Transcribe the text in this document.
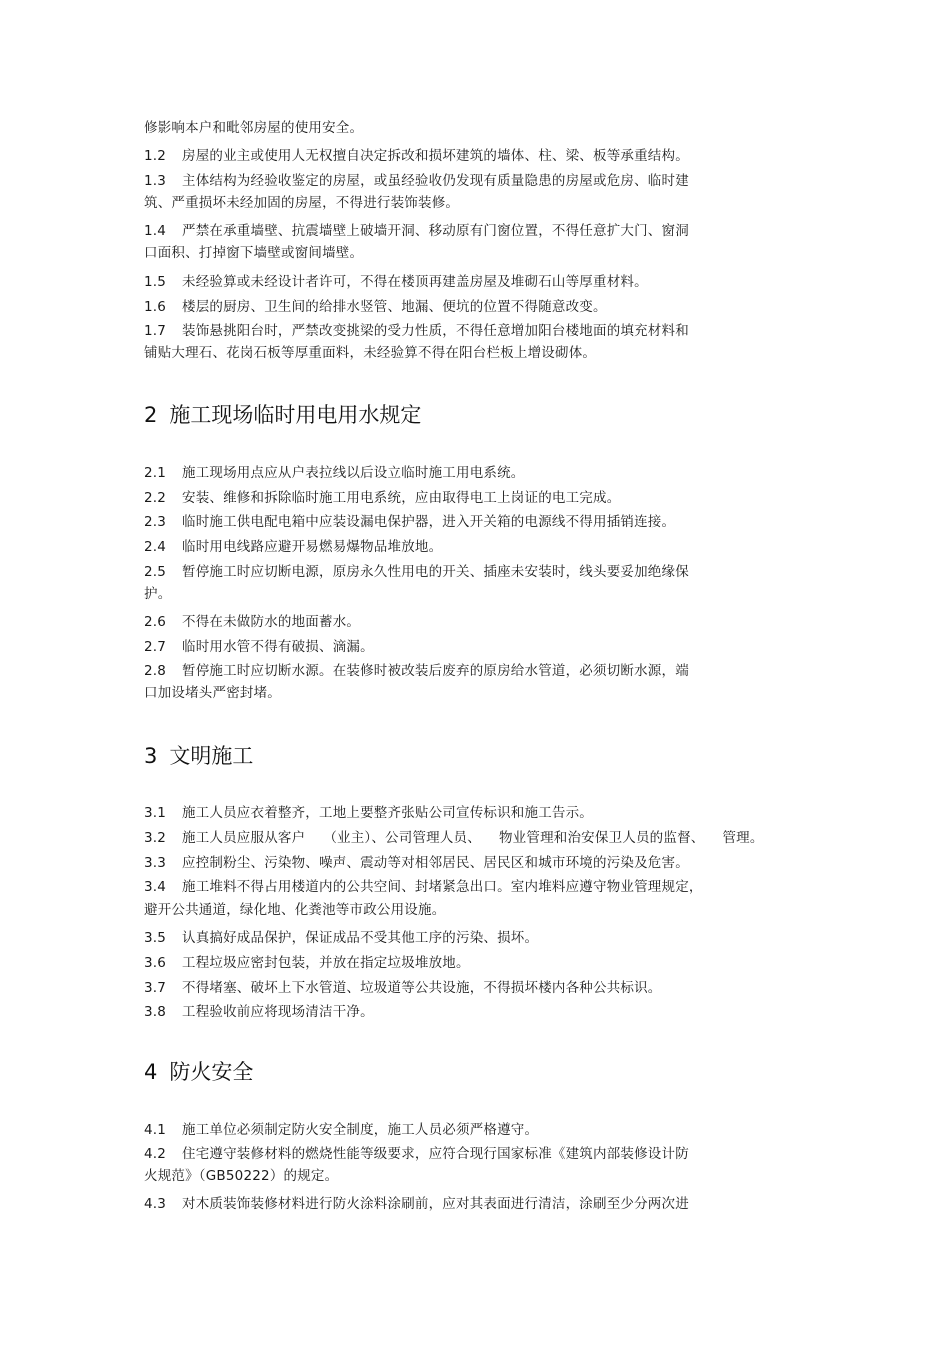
修影响本户和毗邻房屋的使用安全。
1.2 房屋的业主或使用人无权擅自决定拆改和损坏建筑的墙体、柱、梁、板等承重结构。
1.3 主体结构为经验收鉴定的房屋，或虽经验收仍发现有质量隐患的房屋或危房、临时建
筑、严重损坏未经加固的房屋，不得进行装饰装修。
1.4 严禁在承重墙壁、抗震墙壁上破墙开洞、移动原有门窗位置，不得任意扩大门、窗洞
口面积、打掉窗下墙壁或窗间墙壁。
1.5 未经验算或未经设计者许可，不得在楼顶再建盖房屋及堆砌石山等厚重材料。
1.6 楼层的厨房、卫生间的给排水竖管、地漏、便坑的位置不得随意改变。
1.7 装饰悬挑阳台时，严禁改变挑梁的受力性质，不得任意增加阳台楼地面的填充材料和
铺贴大理石、花岗石板等厚重面料，未经验算不得在阳台栏板上增设砌体。
2 施工现场临时用电用水规定
2.1 施工现场用点应从户表拉线以后设立临时施工用电系统。
2.2 安装、维修和拆除临时施工用电系统，应由取得电工上岗证的电工完成。
2.3 临时施工供电配电箱中应装设漏电保护器，进入开关箱的电源线不得用插销连接。
2.4 临时用电线路应避开易燃易爆物品堆放地。
2.5 暂停施工时应切断电源，原房永久性用电的开关、插座未安装时，线头要妥加绝缘保
护。
2.6 不得在未做防水的地面蓄水。
2.7 临时用水管不得有破损、滴漏。
2.8 暂停施工时应切断水源。在装修时被改装后废弃的原房给水管道，必须切断水源，端
口加设堵头严密封堵。
3 文明施工
3.1 施工人员应衣着整齐，工地上要整齐张贴公司宣传标识和施工告示。
3.2 施工人员应服从客户 （业主）、公司管理人员、 物业管理和治安保卫人员的监督、 管理。
3.3 应控制粉尘、污染物、噪声、震动等对相邻居民、居民区和城市环境的污染及危害。
3.4 施工堆料不得占用楼道内的公共空间、封堵紧急出口。室内堆料应遵守物业管理规定，
避开公共通道，绿化地、化粪池等市政公用设施。
3.5 认真搞好成品保护，保证成品不受其他工序的污染、损坏。
3.6 工程垃圾应密封包装，并放在指定垃圾堆放地。
3.7 不得堵塞、破坏上下水管道、垃圾道等公共设施，不得损坏楼内各种公共标识。
3.8 工程验收前应将现场清洁干净。
4 防火安全
4.1 施工单位必须制定防火安全制度，施工人员必须严格遵守。
4.2 住宅遵守装修材料的燃烧性能等级要求，应符合现行国家标准《建筑内部装修设计防
火规范》（GB50222）的规定。
4.3 对木质装饰装修材料进行防火涂料涂刷前，应对其表面进行清洁，涂刷至少分两次进
